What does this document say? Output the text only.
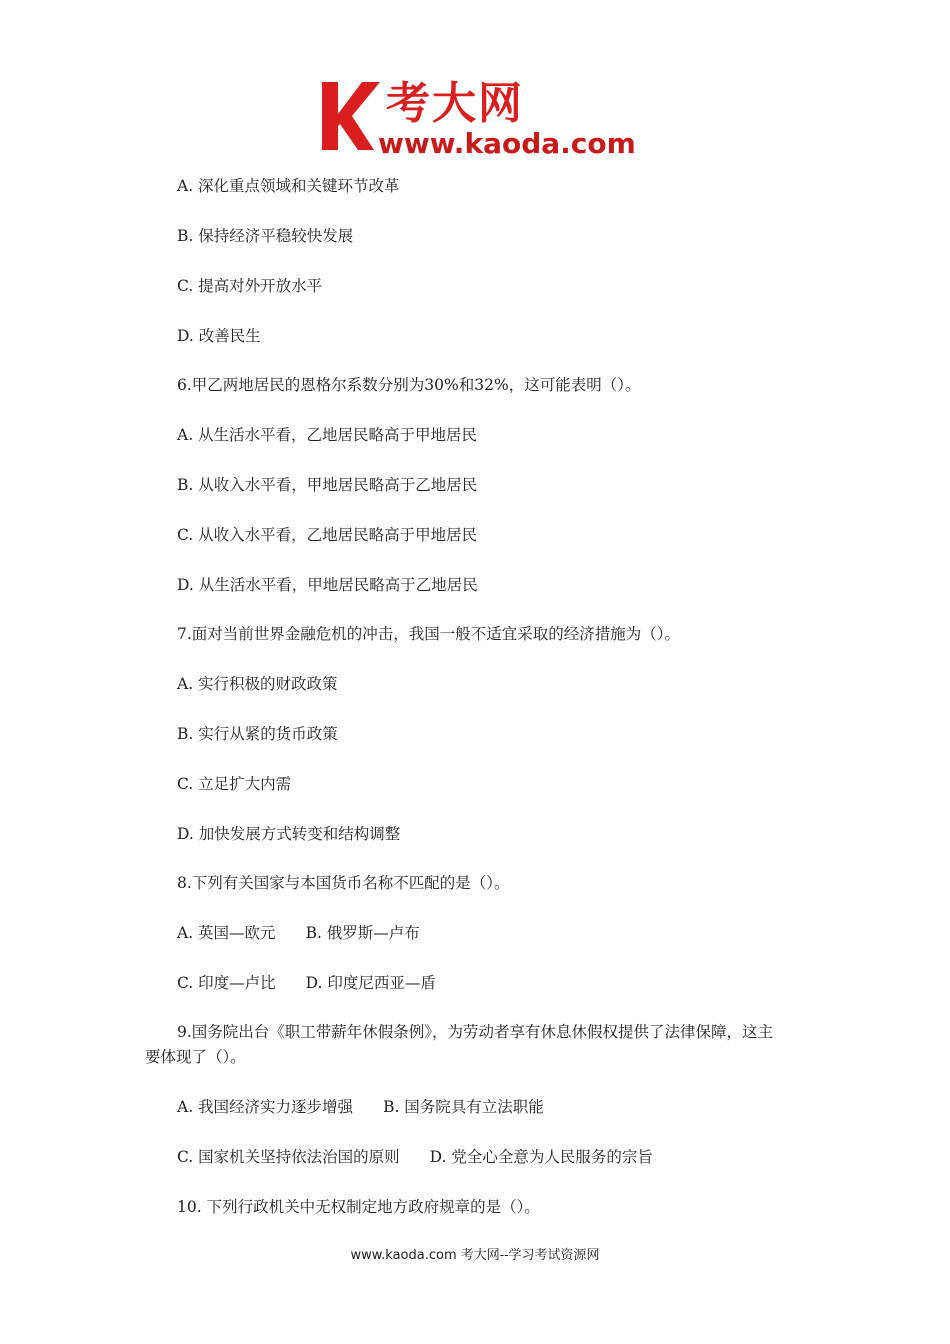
考大网
www.kaoda.com
A. 深化重点领域和关键环节改革
B. 保持经济平稳较快发展
C. 提高对外开放水平
D. 改善民生
6.甲乙两地居民的恩格尔系数分别为30%和32%，这可能表明（）。
A. 从生活水平看，乙地居民略高于甲地居民
B. 从收入水平看，甲地居民略高于乙地居民
C. 从收入水平看，乙地居民略高于甲地居民
D. 从生活水平看，甲地居民略高于乙地居民
7.面对当前世界金融危机的冲击，我国一般不适宜采取的经济措施为（）。
A. 实行积极的财政政策
B. 实行从紧的货币政策
C. 立足扩大内需
D. 加快发展方式转变和结构调整
8.下列有关国家与本国货币名称不匹配的是（）。
A. 英国—欧元 B. 俄罗斯—卢布
C. 印度—卢比 D. 印度尼西亚—盾
9.国务院出台《职工带薪年休假条例》，为劳动者享有休息休假权提供了法律保障，这主
要体现了（）。
A. 我国经济实力逐步增强 B. 国务院具有立法职能
C. 国家机关坚持依法治国的原则 D. 党全心全意为人民服务的宗旨
10. 下列行政机关中无权制定地方政府规章的是（）。
www.kaoda.com 考大网--学习考试资源网
